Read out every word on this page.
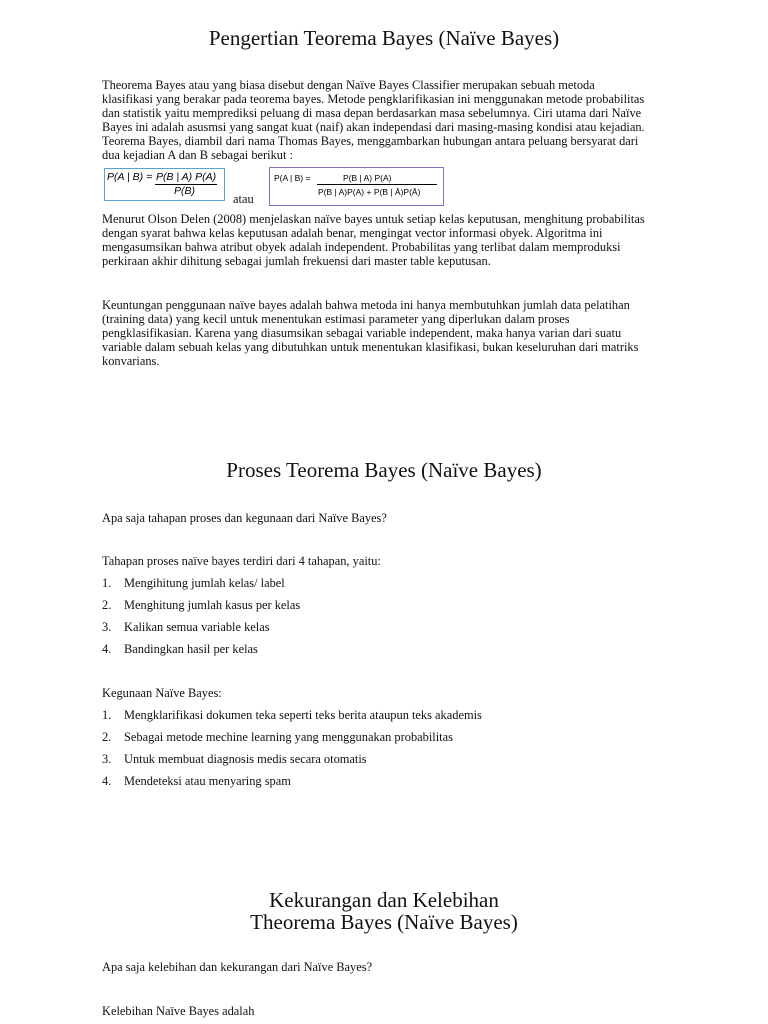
Pengertian Teorema Bayes (Naïve Bayes)
Theorema Bayes atau yang biasa disebut dengan Naïve Bayes Classifier merupakan sebuah metoda
klasifikasi yang berakar pada teorema bayes. Metode pengklarifikasian ini menggunakan metode probabilitas
dan statistik yaitu memprediksi peluang di masa depan berdasarkan masa sebelumnya. Ciri utama dari Naïve
Bayes ini adalah asusmsi yang sangat kuat (naif) akan independasi dari masing-masing kondisi atau kejadian.
Teorema Bayes, diambil dari nama Thomas Bayes, menggambarkan hubungan antara peluang bersyarat dari
dua kejadian A dan B sebagai berikut :
P(A | B) = P(B | A) P(A)
P(B)
atau
P(A | B) =	P(B | A) P(A)
P(B | A)P(A) + P(B | Ā)P(Ā)
Menurut Olson Delen (2008) menjelaskan naïve bayes untuk setiap kelas keputusan, menghitung probabilitas
dengan syarat bahwa kelas keputusan adalah benar, mengingat vector informasi obyek. Algoritma ini
mengasumsikan bahwa atribut obyek adalah independent. Probabilitas yang terlibat dalam memproduksi
perkiraan akhir dihitung sebagai jumlah frekuensi dari master table keputusan.
Keuntungan penggunaan naïve bayes adalah bahwa metoda ini hanya membutuhkan jumlah data pelatihan
(training data) yang kecil untuk menentukan estimasi parameter yang diperlukan dalam proses
pengklasifikasian. Karena yang diasumsikan sebagai variable independent, maka hanya varian dari suatu
variable dalam sebuah kelas yang dibutuhkan untuk menentukan klasifikasi, bukan keseluruhan dari matriks
konvarians.
Proses Teorema Bayes (Naïve Bayes)
Apa saja tahapan proses dan kegunaan dari Naïve Bayes?
Tahapan proses naïve bayes terdiri dari 4 tahapan, yaitu:
1. Mengihitung jumlah kelas/ label
2. Menghitung jumlah kasus per kelas
3. Kalikan semua variable kelas
4. Bandingkan hasil per kelas
Kegunaan Naïve Bayes:
1. Mengklarifikasi dokumen teka seperti teks berita ataupun teks akademis
2. Sebagai metode mechine learning yang menggunakan probabilitas
3. Untuk membuat diagnosis medis secara otomatis
4. Mendeteksi atau menyaring spam
Kekurangan dan Kelebihan
Theorema Bayes (Naïve Bayes)
Apa saja kelebihan dan kekurangan dari Naïve Bayes?
Kelebihan Naïve Bayes adalah
